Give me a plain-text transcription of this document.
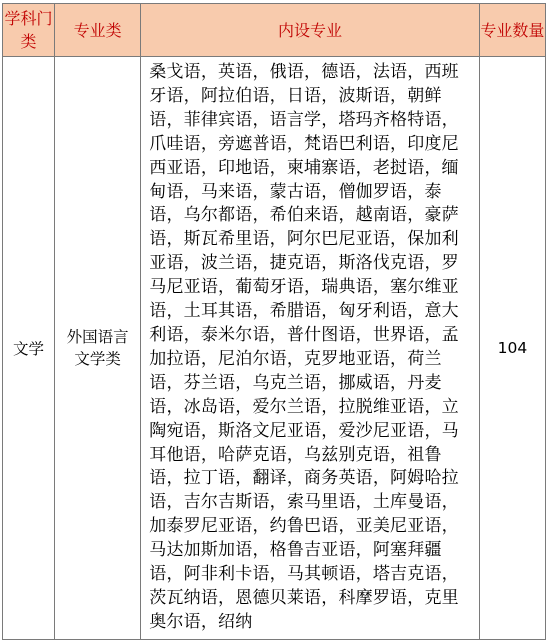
学科门类	专业类	内设专业	专业数量
文学	外国语言文学类	桑戈语，英语，俄语，德语，法语，西班牙语，阿拉伯语，日语，波斯语，朝鲜语，菲律宾语，语言学，塔玛齐格特语，爪哇语，旁遮普语，梵语巴利语，印度尼西亚语，印地语，柬埔寨语，老挝语，缅甸语，马来语，蒙古语，僧伽罗语，泰语，乌尔都语，希伯来语，越南语，豪萨语，斯瓦希里语，阿尔巴尼亚语，保加利亚语，波兰语，捷克语，斯洛伐克语，罗马尼亚语，葡萄牙语，瑞典语，塞尔维亚语，土耳其语，希腊语，匈牙利语，意大利语，泰米尔语，普什图语，世界语，孟加拉语，尼泊尔语，克罗地亚语，荷兰语，芬兰语，乌克兰语，挪威语，丹麦语，冰岛语，爱尔兰语，拉脱维亚语，立陶宛语，斯洛文尼亚语，爱沙尼亚语，马耳他语，哈萨克语，乌兹别克语，祖鲁语，拉丁语，翻译，商务英语，阿姆哈拉语，吉尔吉斯语，索马里语，土库曼语，加泰罗尼亚语，约鲁巴语，亚美尼亚语，马达加斯加语，格鲁吉亚语，阿塞拜疆语，阿非利卡语，马其顿语，塔吉克语，茨瓦纳语，恩德贝莱语，科摩罗语，克里奥尔语，绍纳	104
